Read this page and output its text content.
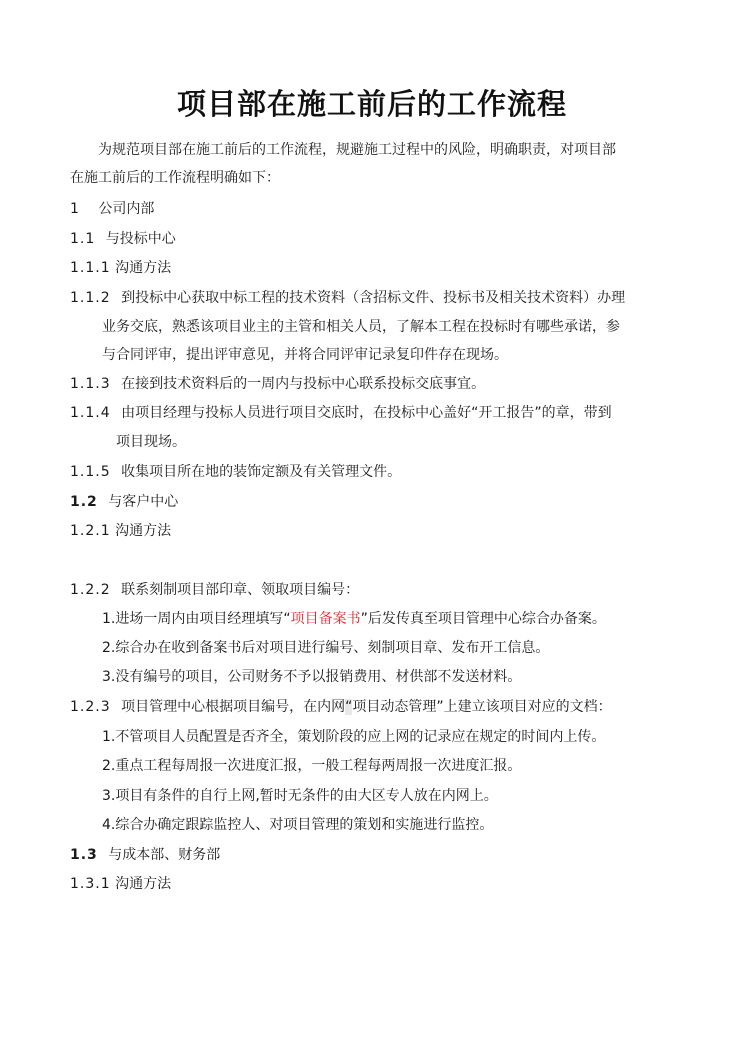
项目部在施工前后的工作流程
为规范项目部在施工前后的工作流程，规避施工过程中的风险，明确职责，对项目部
在施工前后的工作流程明确如下：
1 公司内部
1.1 与投标中心
1.1.1 沟通方法
1.1.2 到投标中心获取中标工程的技术资料（含招标文件、投标书及相关技术资料）办理
业务交底，熟悉该项目业主的主管和相关人员，了解本工程在投标时有哪些承诺，参
与合同评审，提出评审意见，并将合同评审记录复印件存在现场。
1.1.3 在接到技术资料后的一周内与投标中心联系投标交底事宜。
1.1.4 由项目经理与投标人员进行项目交底时，在投标中心盖好“开工报告”的章，带到
项目现场。
1.1.5 收集项目所在地的装饰定额及有关管理文件。
1.2 与客户中心
1.2.1 沟通方法
1.2.2 联系刻制项目部印章、领取项目编号：
1.进场一周内由项目经理填写“项目备案书”后发传真至项目管理中心综合办备案。
2.综合办在收到备案书后对项目进行编号、刻制项目章、发布开工信息。
3.没有编号的项目，公司财务不予以报销费用、材供部不发送材料。
1.2.3 项目管理中心根据项目编号，在内网“项目动态管理”上建立该项目对应的文档：
1.不管项目人员配置是否齐全，策划阶段的应上网的记录应在规定的时间内上传。
2.重点工程每周报一次进度汇报，一般工程每两周报一次进度汇报。
3.项目有条件的自行上网,暂时无条件的由大区专人放在内网上。
4.综合办确定跟踪监控人、对项目管理的策划和实施进行监控。
1.3 与成本部、财务部
1.3.1 沟通方法
